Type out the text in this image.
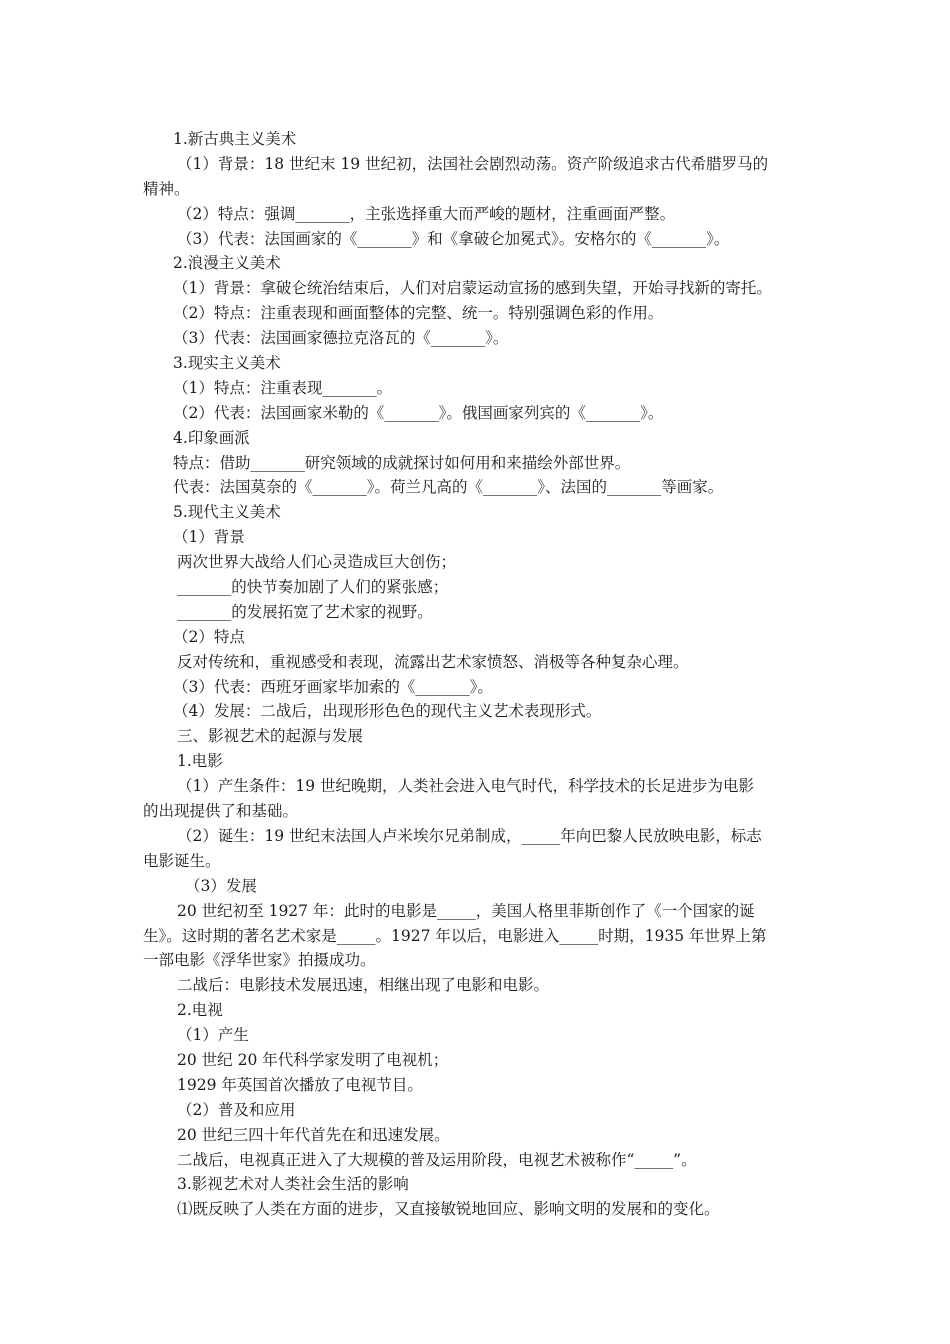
1.新古典主义美术
（1）背景：18 世纪末 19 世纪初，法国社会剧烈动荡。资产阶级追求古代希腊罗马的
精神。
（2）特点：强调_______，主张选择重大而严峻的题材，注重画面严整。
（3）代表：法国画家的《_______》和《拿破仑加冕式》。安格尔的《_______》。
2.浪漫主义美术
（1）背景：拿破仑统治结束后，人们对启蒙运动宣扬的感到失望，开始寻找新的寄托。
（2）特点：注重表现和画面整体的完整、统一。特别强调色彩的作用。
（3）代表：法国画家德拉克洛瓦的《_______》。
3.现实主义美术
（1）特点：注重表现_______。
（2）代表：法国画家米勒的《_______》。俄国画家列宾的《_______》。
4.印象画派
特点：借助_______研究领域的成就探讨如何用和来描绘外部世界。
代表：法国莫奈的《_______》。荷兰凡高的《_______》、法国的_______等画家。
5.现代主义美术
（1）背景
两次世界大战给人们心灵造成巨大创伤；
_______的快节奏加剧了人们的紧张感；
_______的发展拓宽了艺术家的视野。
（2）特点
反对传统和，重视感受和表现，流露出艺术家愤怒、消极等各种复杂心理。
（3）代表：西班牙画家毕加索的《_______》。
（4）发展：二战后，出现形形色色的现代主义艺术表现形式。
三、影视艺术的起源与发展
1.电影
（1）产生条件：19 世纪晚期，人类社会进入电气时代，科学技术的长足进步为电影
的出现提供了和基础。
（2）诞生：19 世纪末法国人卢米埃尔兄弟制成，_____年向巴黎人民放映电影，标志
电影诞生。
（3）发展
20 世纪初至 1927 年：此时的电影是_____，美国人格里菲斯创作了《一个国家的诞
生》。这时期的著名艺术家是_____。1927 年以后，电影进入_____时期，1935 年世界上第
一部电影《浮华世家》拍摄成功。
二战后：电影技术发展迅速，相继出现了电影和电影。
2.电视
（1）产生
20 世纪 20 年代科学家发明了电视机；
1929 年英国首次播放了电视节目。
（2）普及和应用
20 世纪三四十年代首先在和迅速发展。
二战后，电视真正进入了大规模的普及运用阶段，电视艺术被称作“_____”。
3.影视艺术对人类社会生活的影响
⑴既反映了人类在方面的进步，又直接敏锐地回应、影响文明的发展和的变化。
